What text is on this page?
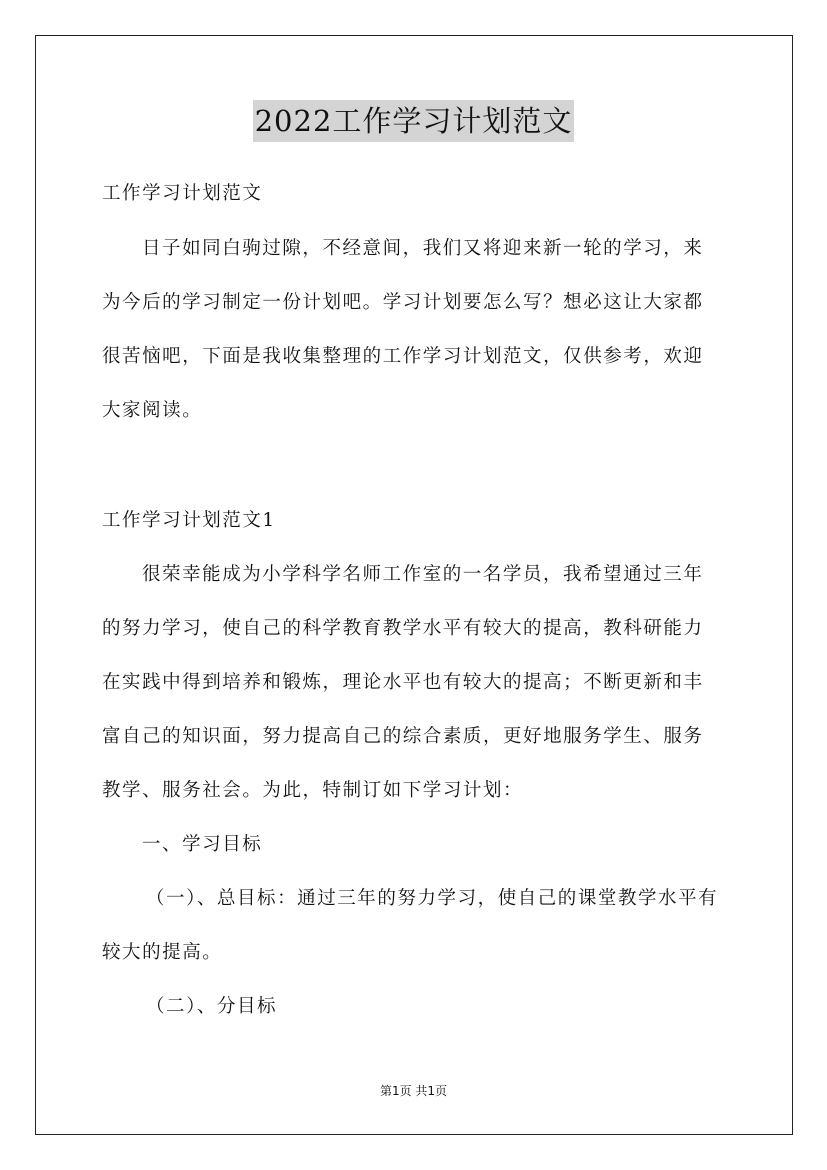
2022工作学习计划范文
工作学习计划范文
日子如同白驹过隙，不经意间，我们又将迎来新一轮的学习，来
为今后的学习制定一份计划吧。学习计划要怎么写？想必这让大家都
很苦恼吧，下面是我收集整理的工作学习计划范文，仅供参考，欢迎
大家阅读。
工作学习计划范文1
很荣幸能成为小学科学名师工作室的一名学员，我希望通过三年
的努力学习，使自己的科学教育教学水平有较大的提高，教科研能力
在实践中得到培养和锻炼，理论水平也有较大的提高；不断更新和丰
富自己的知识面，努力提高自己的综合素质，更好地服务学生、服务
教学、服务社会。为此，特制订如下学习计划：
一、学习目标
（一）、总目标：通过三年的努力学习，使自己的课堂教学水平有
较大的提高。
（二）、分目标
第1页 共1页
